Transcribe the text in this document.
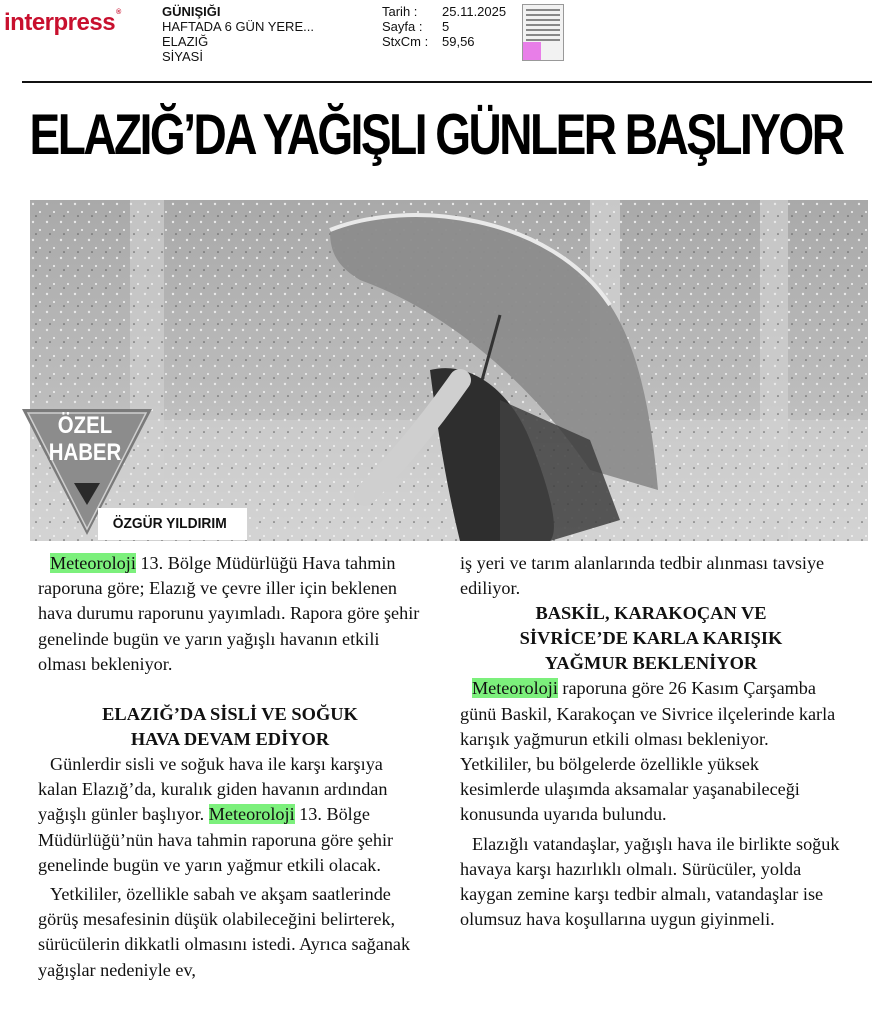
interpress®	GÜNIŞIĞI
HAFTADA 6 GÜN YERE...
ELAZIĞ
SİYASİ
Tarih :	25.11.2025
Sayfa :	5
StxCm :	59,56
ELAZIĞ’DA YAĞIŞLI GÜNLER BAŞLIYOR
ÖZEL
HABER
ÖZGÜR YILDIRIM

Meteoroloji 13. Bölge Müdürlüğü Hava tahmin raporuna göre; Elazığ ve çevre iller için beklenen hava durumu raporunu yayımladı. Rapora göre şehir genelinde bugün ve yarın yağışlı havanın etkili olması bekleniyor.

ELAZIĞ’DA SİSLİ VE SOĞUK
HAVA DEVAM EDİYOR

Günlerdir sisli ve soğuk hava ile karşı karşıya kalan Elazığ’da, kuralık giden havanın ardından yağışlı günler başlıyor. Meteoroloji 13. Bölge Müdürlüğü’nün hava tahmin raporuna göre şehir genelinde bugün ve yarın yağmur etkili olacak.

Yetkililer, özellikle sabah ve akşam saatlerinde görüş mesafesinin düşük olabileceğini belirterek, sürücülerin dikkatli olmasını istedi. Ayrıca sağanak yağışlar nedeniyle ev,

iş yeri ve tarım alanlarında tedbir alınması tavsiye ediliyor.

BASKİL, KARAKOÇAN VE
SİVRİCE’DE KARLA KARIŞIK
YAĞMUR BEKLENİYOR

Meteoroloji raporuna göre 26 Kasım Çarşamba günü Baskil, Karakoçan ve Sivrice ilçelerinde karla karışık yağmurun etkili olması bekleniyor. Yetkililer, bu bölgelerde özellikle yüksek kesimlerde ulaşımda aksamalar yaşanabileceği konusunda uyarıda bulundu.

Elazığlı vatandaşlar, yağışlı hava ile birlikte soğuk havaya karşı hazırlıklı olmalı. Sürücüler, yolda kaygan zemine karşı tedbir almalı, vatandaşlar ise olumsuz hava koşullarına uygun giyinmeli.
